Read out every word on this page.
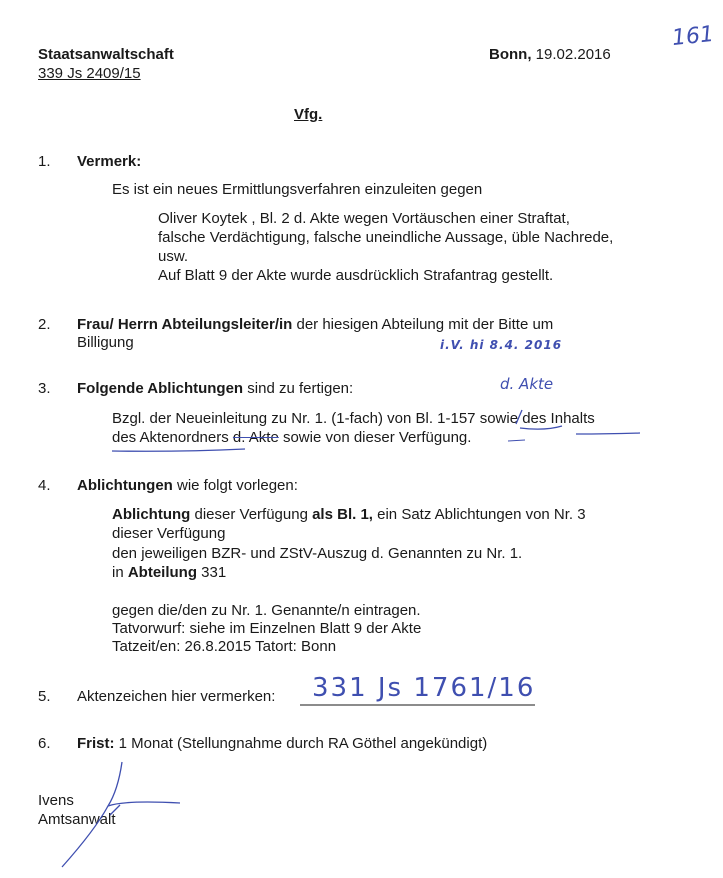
Staatsanwaltschaft
339 Js 2409/15
Bonn, 19.02.2016
161
Vfg.
1. Vermerk:
Es ist ein neues Ermittlungsverfahren einzuleiten gegen
Oliver Koytek , Bl. 2 d. Akte wegen Vortäuschen einer Straftat,
falsche Verdächtigung, falsche uneindliche Aussage, üble Nachrede,
usw.
Auf Blatt 9 der Akte wurde ausdrücklich Strafantrag gestellt.
2. Frau/ Herrn Abteilungsleiter/in der hiesigen Abteilung mit der Bitte um
Billigung	i.V. hi 8.4. 2016
3. Folgende Ablichtungen sind zu fertigen:	d. Akte
Bzgl. der Neueinleitung zu Nr. 1. (1-fach) von Bl. 1-157 sowie des Inhalts
des Aktenordners d. Akte sowie von dieser Verfügung.
4. Ablichtungen wie folgt vorlegen:
Ablichtung dieser Verfügung als Bl. 1, ein Satz Ablichtungen von Nr. 3
dieser Verfügung
den jeweiligen BZR- und ZStV-Auszug d. Genannten zu Nr. 1.
in Abteilung 331
gegen die/den zu Nr. 1. Genannte/n eintragen.
Tatvorwurf: siehe im Einzelnen Blatt 9 der Akte
Tatzeit/en: 26.8.2015 Tatort: Bonn
5. Aktenzeichen hier vermerken: 331 Js 1761/16
6. Frist: 1 Monat (Stellungnahme durch RA Göthel angekündigt)
Ivens
Amtsanwalt
